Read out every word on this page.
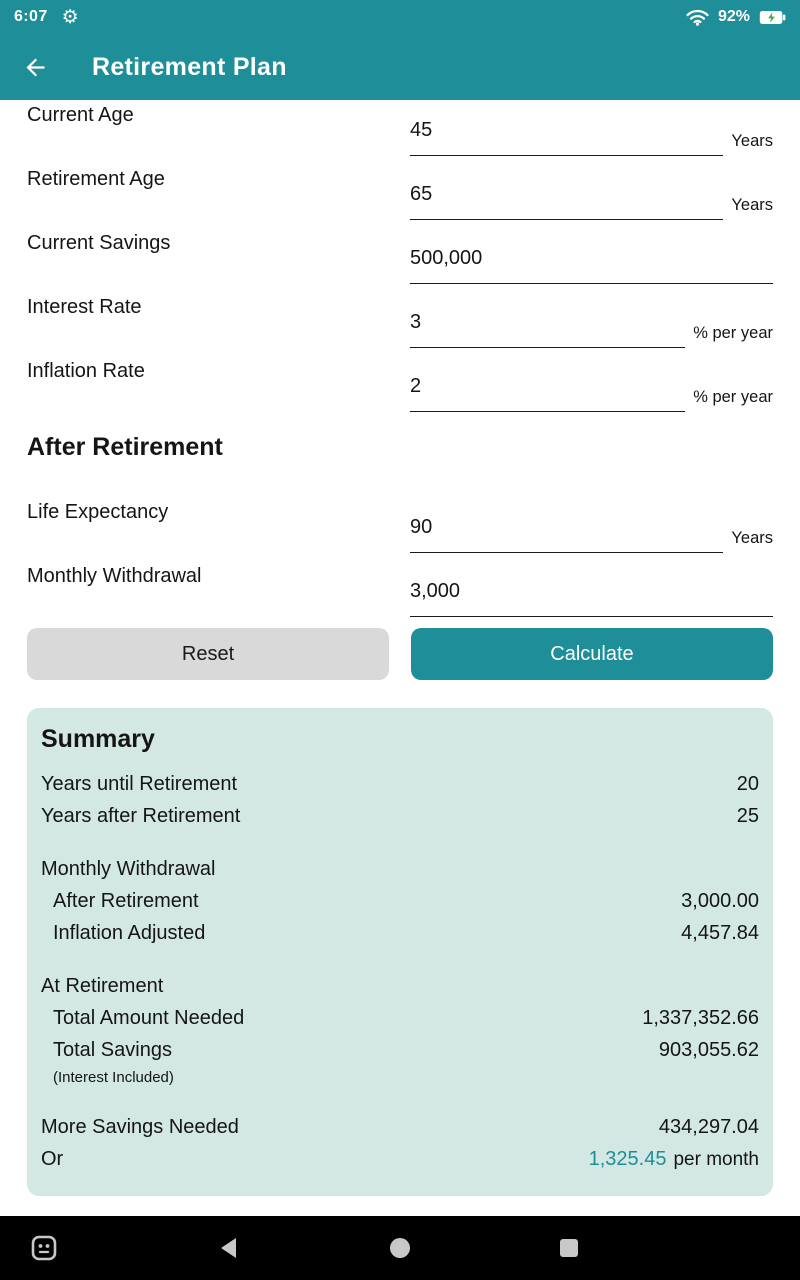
6:07 ⚙	92%
Retirement Plan
Current Age
45	Years
Retirement Age
65	Years
Current Savings
500,000
Interest Rate
3	% per year
Inflation Rate
2	% per year
After Retirement
Life Expectancy
90	Years
Monthly Withdrawal
3,000
Reset	Calculate
Summary
Years until Retirement	20
Years after Retirement	25
Monthly Withdrawal
After Retirement	3,000.00
Inflation Adjusted	4,457.84
At Retirement
Total Amount Needed	1,337,352.66
Total Savings	903,055.62
(Interest Included)
More Savings Needed	434,297.04
Or	1,325.45 per month
